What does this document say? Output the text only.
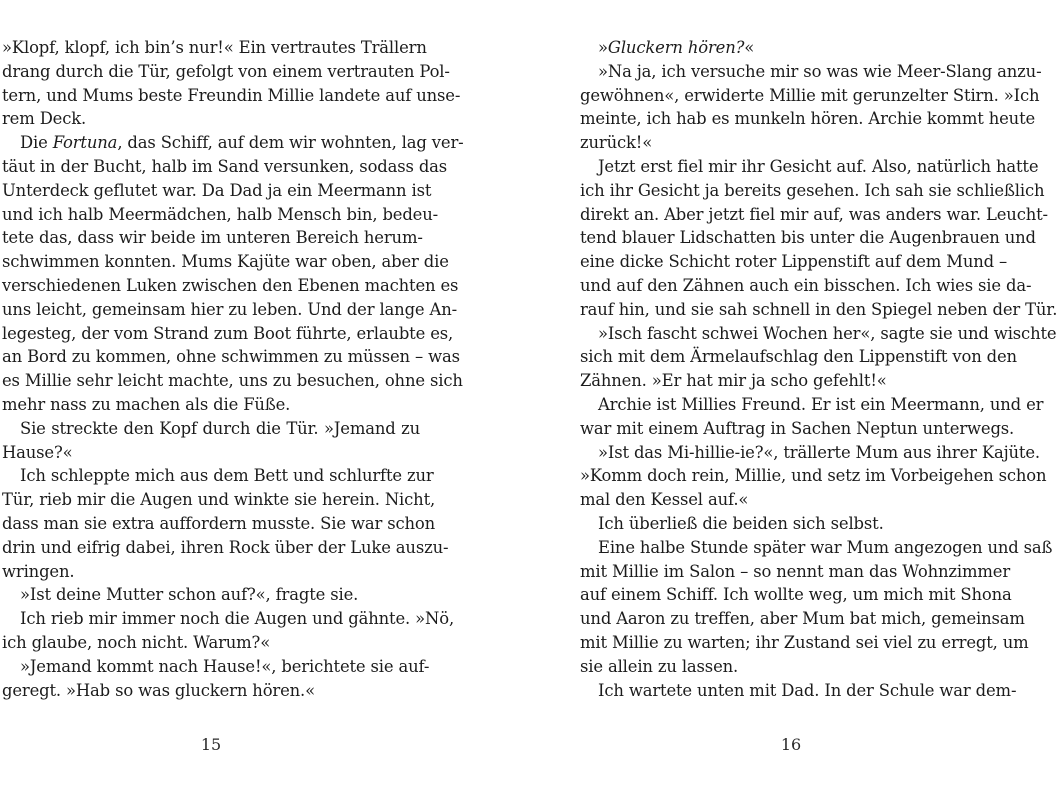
»Klopf, klopf, ich bin’s nur!« Ein vertrautes Trällern
drang durch die Tür, gefolgt von einem vertrauten Pol-
tern, und Mums beste Freundin Millie landete auf unse-
rem Deck.
Die Fortuna, das Schiff, auf dem wir wohnten, lag ver-
täut in der Bucht, halb im Sand versunken, sodass das
Unterdeck geflutet war. Da Dad ja ein Meermann ist
und ich halb Meermädchen, halb Mensch bin, bedeu-
tete das, dass wir beide im unteren Bereich herum-
schwimmen konnten. Mums Kajüte war oben, aber die
verschiedenen Luken zwischen den Ebenen machten es
uns leicht, gemeinsam hier zu leben. Und der lange An-
legesteg, der vom Strand zum Boot führte, erlaubte es,
an Bord zu kommen, ohne schwimmen zu müssen – was
es Millie sehr leicht machte, uns zu besuchen, ohne sich
mehr nass zu machen als die Füße.
Sie streckte den Kopf durch die Tür. »Jemand zu
Hause?«
Ich schleppte mich aus dem Bett und schlurfte zur
Tür, rieb mir die Augen und winkte sie herein. Nicht,
dass man sie extra auffordern musste. Sie war schon
drin und eifrig dabei, ihren Rock über der Luke auszu-
wringen.
»Ist deine Mutter schon auf?«, fragte sie.
Ich rieb mir immer noch die Augen und gähnte. »Nö,
ich glaube, noch nicht. Warum?«
»Jemand kommt nach Hause!«, berichtete sie auf-
geregt. »Hab so was gluckern hören.«
15
»Gluckern hören?«
»Na ja, ich versuche mir so was wie Meer-Slang anzu-
gewöhnen«, erwiderte Millie mit gerunzelter Stirn. »Ich
meinte, ich hab es munkeln hören. Archie kommt heute
zurück!«
Jetzt erst fiel mir ihr Gesicht auf. Also, natürlich hatte
ich ihr Gesicht ja bereits gesehen. Ich sah sie schließlich
direkt an. Aber jetzt fiel mir auf, was anders war. Leucht-
tend blauer Lidschatten bis unter die Augenbrauen und
eine dicke Schicht roter Lippenstift auf dem Mund –
und auf den Zähnen auch ein bisschen. Ich wies sie da-
rauf hin, und sie sah schnell in den Spiegel neben der Tür.
»Isch fascht schwei Wochen her«, sagte sie und wischte
sich mit dem Ärmelaufschlag den Lippenstift von den
Zähnen. »Er hat mir ja scho gefehlt!«
Archie ist Millies Freund. Er ist ein Meermann, und er
war mit einem Auftrag in Sachen Neptun unterwegs.
»Ist das Mi-hillie-ie?«, trällerte Mum aus ihrer Kajüte.
»Komm doch rein, Millie, und setz im Vorbeigehen schon
mal den Kessel auf.«
Ich überließ die beiden sich selbst.
Eine halbe Stunde später war Mum angezogen und saß
mit Millie im Salon – so nennt man das Wohnzimmer
auf einem Schiff. Ich wollte weg, um mich mit Shona
und Aaron zu treffen, aber Mum bat mich, gemeinsam
mit Millie zu warten; ihr Zustand sei viel zu erregt, um
sie allein zu lassen.
Ich wartete unten mit Dad. In der Schule war dem-
16
